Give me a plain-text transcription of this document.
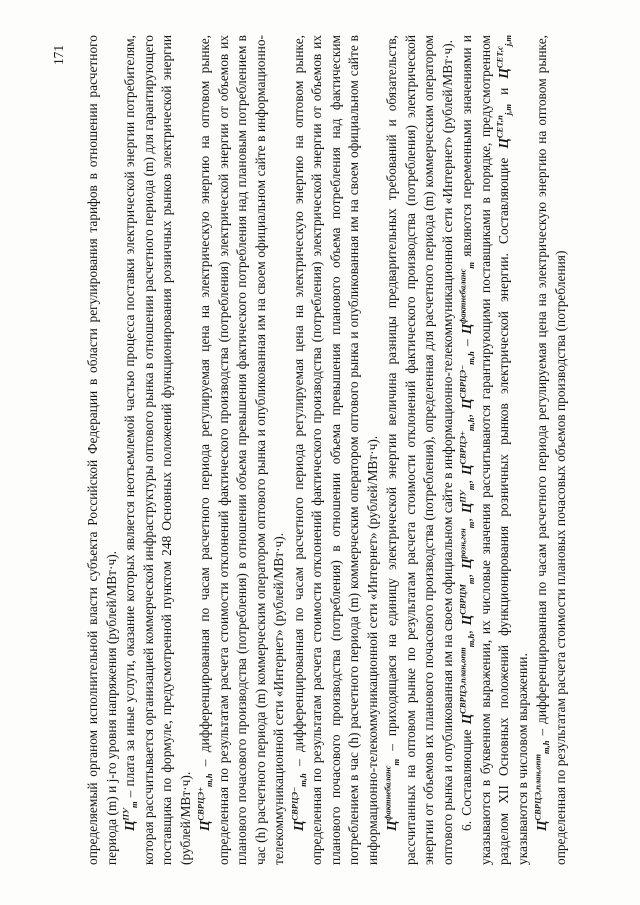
171 определяемый органом исполнительной власти субъекта Российской Федерации в области регулирования тарифов в отношении расчетного периода (m) и j-го уровня напряжения (рублей/МВт·ч). $Ц^{ПУ}_m$ – плата за иные услуги, оказание которых является неотъемлемой частью процесса поставки электрической энергии потребителям, которая рассчитывается организацией коммерческой инфраструктуры оптового рынка в отношении расчетного периода (m) для гарантирующего поставщика по формуле, предусмотренной пунктом 248 Основных положений функционирования розничных рынков электрической энергии (рублей/МВт·ч). $Ц^{СВРЦЭ+}_{m,h}$ – дифференцированная по часам расчетного периода регулируемая цена на электрическую энергию на оптовом рынке, определенная по результатам расчета стоимости отклонений фактического производства (потребления) электрической энергии от объемов их планового почасового производства (потребления) в отношении объема превышения фактического потребления над плановым потреблением в час (h) расчетного периода (m) коммерческим оператором оптового рынка и опубликованная им на своем официальном сайте в информационно-телекоммуникационной сети «Интернет» (рублей/МВт·ч). $Ц^{СВРЦЭ-}_{m,h}$ – дифференцированная по часам расчетного периода регулируемая цена на электрическую энергию на оптовом рынке, определенная по результатам расчета стоимости отклонений фактического производства (потребления) электрической энергии от объемов их планового почасового производства (потребления) в отношении объема превышения планового объема потребления над фактическим потреблением в час (h) расчетного периода (m) коммерческим оператором оптового рынка и опубликованная им на своем официальном сайте в информационно-телекоммуникационной сети «Интернет» (рублей/МВт·ч). $Ц^{фактнебаланс}_m$ – приходящаяся на единицу электрической энергии величина разницы предварительных требований и обязательств, рассчитанных на оптовом рынке по результатам расчета стоимости отклонений фактического производства (потребления) электрической энергии от объемов их планового почасового производства (потребления), определенная для расчетного периода (m) коммерческим оператором оптового рынка и опубликованная им на своем официальном сайте в информационно-телекоммуникационной сети «Интернет» (рублей/МВт·ч). 6. Составляющие $Ц^{СВРЦЭ,план,опт}_{m,h}$, $Ц^{СВРЦМ}_m$, $Ц^{розн,ген}_m$, $Ц^{ПУ}_m$, $Ц^{СВРЦЭ+}_{m,h}$, $Ц^{СВРЦЭ-}_{m,h} - Ц^{фактнебаланс}_m$ являются переменными значениями и указываются в буквенном выражении, их числовые значения рассчитываются гарантирующими поставщиками в порядке, предусмотренном разделом XII Основных положений функционирования розничных рынков электрической энергии. Составляющие $Ц^{СЕТ,п}_{j,m}$ и $Ц^{СЕТ,с}_{j,m}$ указываются в числовом выражении. $Ц^{СВРЦЭ,план,опт}_{m,h}$ – дифференцированная по часам расчетного периода регулируемая цена на электрическую энергию на оптовом рынке, определенная по результатам расчета стоимости плановых почасовых объемов производства (потребления)
